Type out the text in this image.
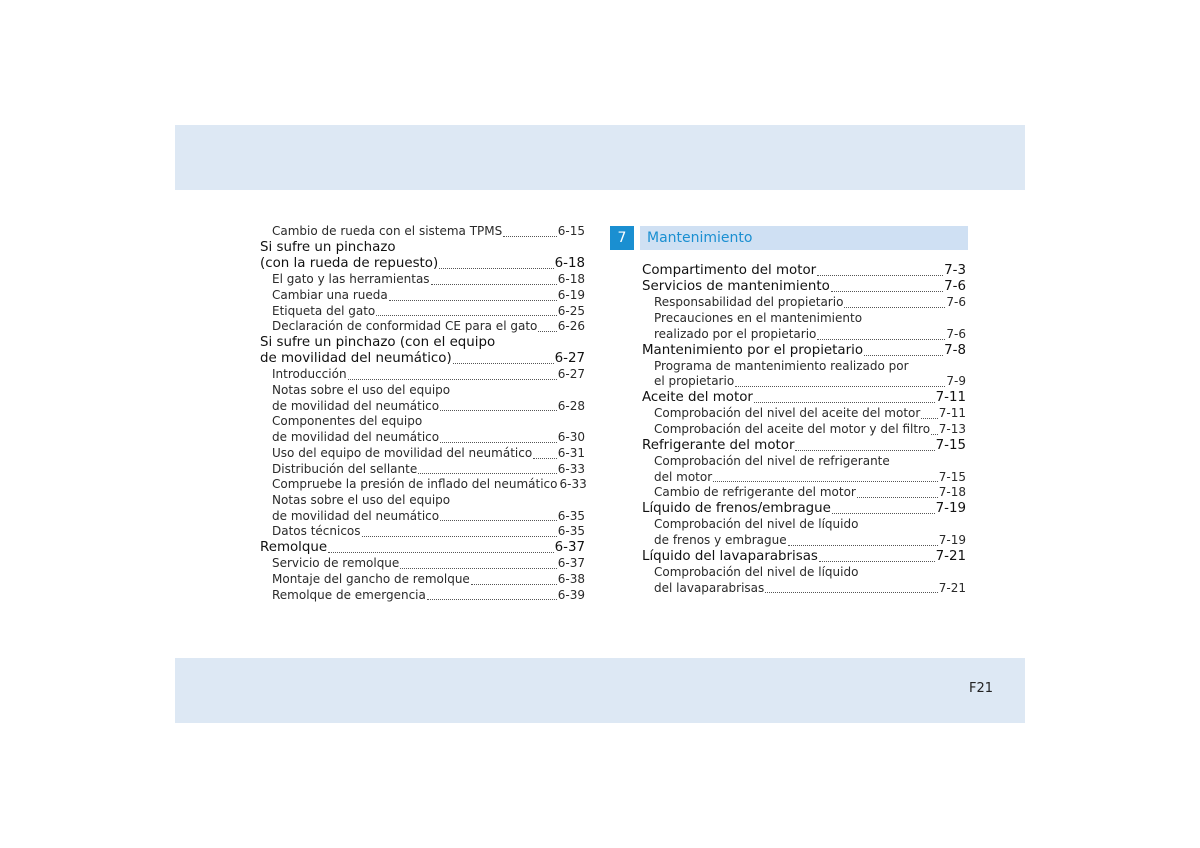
Cambio de rueda con el sistema TPMS	6-15
Si sufre un pinchazo
(con la rueda de repuesto)	6-18
El gato y las herramientas	6-18
Cambiar una rueda	6-19
Etiqueta del gato	6-25
Declaración de conformidad CE para el gato 6-26
Si sufre un pinchazo (con el equipo
de movilidad del neumático)	6-27
Introducción	6-27
Notas sobre el uso del equipo
de movilidad del neumático	6-28
Componentes del equipo
de movilidad del neumático	6-30
Uso del equipo de movilidad del neumático 6-31
Distribución del sellante	6-33
Compruebe la presión de inflado del neumático 6-33
Notas sobre el uso del equipo
de movilidad del neumático	6-35
Datos técnicos	6-35
Remolque	6-37
Servicio de remolque	6-37
Montaje del gancho de remolque	6-38
Remolque de emergencia	6-39
7	Mantenimiento
Compartimento del motor	7-3
Servicios de mantenimiento	7-6
Responsabilidad del propietario	7-6
Precauciones en el mantenimiento
realizado por el propietario	7-6
Mantenimiento por el propietario	7-8
Programa de mantenimiento realizado por
el propietario	7-9
Aceite del motor	7-11
Comprobación del nivel del aceite del motor 7-11
Comprobación del aceite del motor y del filtro 7-13
Refrigerante del motor	7-15
Comprobación del nivel de refrigerante
del motor	7-15
Cambio de refrigerante del motor	7-18
Líquido de frenos/embrague	7-19
Comprobación del nivel de líquido
de frenos y embrague	7-19
Líquido del lavaparabrisas	7-21
Comprobación del nivel de líquido
del lavaparabrisas	7-21
F21
